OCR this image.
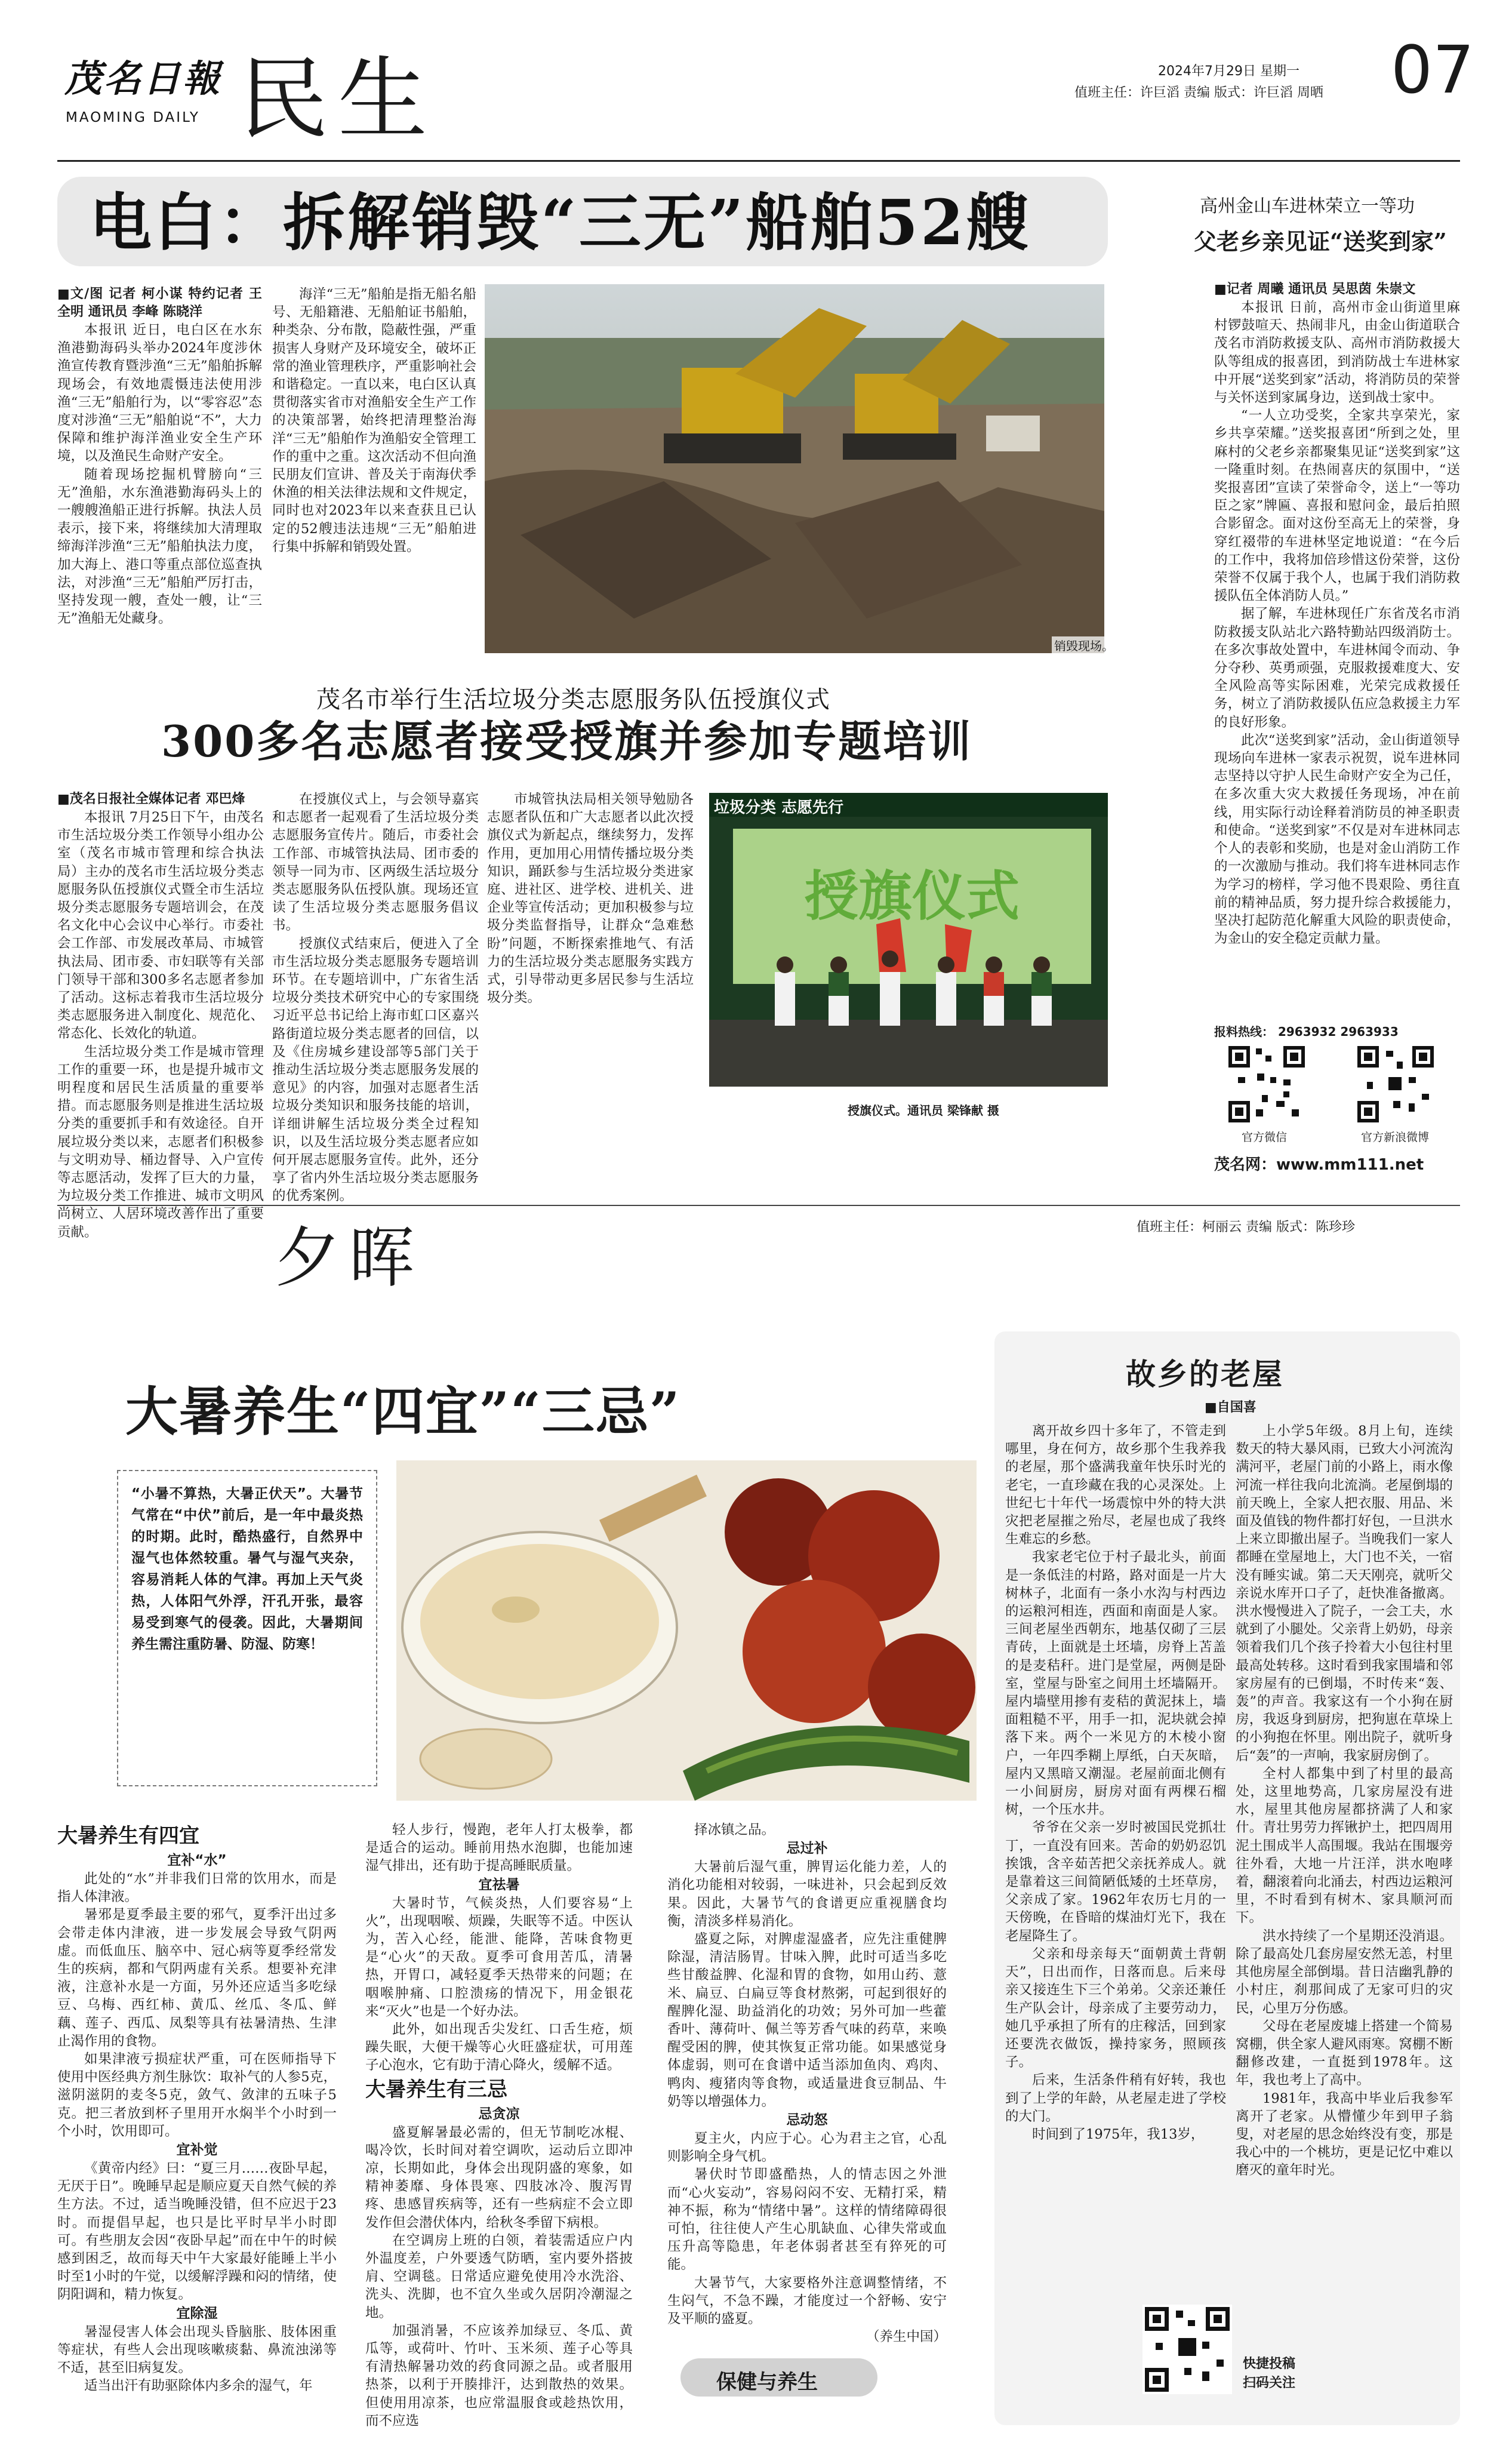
茂名日報
MAOMING DAILY 民生	2024年7月29日 星期一
值班主任：许巨滔 责编 版式：许巨滔 周晒 07
电白：拆解销毁“三无”船舶52艘
■文/图 记者 柯小谋 特约记者 王全明 通讯员 李峰 陈晓洋

本报讯 近日，电白区在水东渔港勤海码头举办2024年度涉休渔宣传教育暨涉渔“三无”船舶拆解现场会，有效地震慑违法使用涉渔“三无”船舶行为，以“零容忍”态度对涉渔“三无”船舶说“不”，大力保障和维护海洋渔业安全生产环境，以及渔民生命财产安全。

随着现场挖掘机臂膀向“三无”渔船，水东渔港勤海码头上的一艘艘渔船正进行拆解。执法人员表示，接下来，将继续加大清理取缔海洋涉渔“三无”船舶执法力度，加大海上、港口等重点部位巡查执法，对涉渔“三无”船舶严厉打击，坚持发现一艘，查处一艘，让“三无”渔船无处藏身。

海洋“三无”船舶是指无船名船号、无船籍港、无船舶证书船舶，种类杂、分布散，隐蔽性强，严重损害人身财产及环境安全，破坏正常的渔业管理秩序，严重影响社会和谐稳定。一直以来，电白区认真贯彻落实省市对渔船安全生产工作的决策部署，始终把清理整治海洋“三无”船舶作为渔船安全管理工作的重中之重。这次活动不但向渔民朋友们宣讲、普及关于南海伏季休渔的相关法律法规和文件规定，同时也对2023年以来查获且已认定的52艘违法违规“三无”船舶进行集中拆解和销毁处置。

销毁现场。
茂名市举行生活垃圾分类志愿服务队伍授旗仪式
300多名志愿者接受授旗并参加专题培训
■茂名日报社全媒体记者 邓巴烽

本报讯 7月25日下午，由茂名市生活垃圾分类工作领导小组办公室（茂名市城市管理和综合执法局）主办的茂名市生活垃圾分类志愿服务队伍授旗仪式暨全市生活垃圾分类志愿服务专题培训会，在茂名文化中心会议中心举行。市委社会工作部、市发展改革局、市城管执法局、团市委、市妇联等有关部门领导干部和300多名志愿者参加了活动。这标志着我市生活垃圾分类志愿服务进入制度化、规范化、常态化、长效化的轨道。

生活垃圾分类工作是城市管理工作的重要一环，也是提升城市文明程度和居民生活质量的重要举措。而志愿服务则是推进生活垃圾分类的重要抓手和有效途径。自开展垃圾分类以来，志愿者们积极参与文明劝导、桶边督导、入户宣传等志愿活动，发挥了巨大的力量，为垃圾分类工作推进、城市文明风尚树立、人居环境改善作出了重要贡献。

在授旗仪式上，与会领导嘉宾和志愿者一起观看了生活垃圾分类志愿服务宣传片。随后，市委社会工作部、市城管执法局、团市委的领导一同为市、区两级生活垃圾分类志愿服务队伍授队旗。现场还宣读了生活垃圾分类志愿服务倡议书。

授旗仪式结束后，便进入了全市生活垃圾分类志愿服务专题培训环节。在专题培训中，广东省生活垃圾分类技术研究中心的专家围绕习近平总书记给上海市虹口区嘉兴路街道垃圾分类志愿者的回信，以及《住房城乡建设部等5部门关于推动生活垃圾分类志愿服务发展的意见》的内容，加强对志愿者生活垃圾分类知识和服务技能的培训，详细讲解生活垃圾分类全过程知识，以及生活垃圾分类志愿者应如何开展志愿服务宣传。此外，还分享了省内外生活垃圾分类志愿服务的优秀案例。

市城管执法局相关领导勉励各志愿者队伍和广大志愿者以此次授旗仪式为新起点，继续努力，发挥作用，更加用心用情传播垃圾分类知识，踊跃参与生活垃圾分类进家庭、进社区、进学校、进机关、进企业等宣传活动；更加积极参与垃圾分类监督指导，让群众“急难愁盼”问题，不断探索推地气、有活力的生活垃圾分类志愿服务实践方式，引导带动更多居民参与生活垃圾分类。

垃圾分类 志愿先行
授旗仪式
授旗仪式。通讯员 梁锋献 摄
高州金山车进林荣立一等功
父老乡亲见证“送奖到家”
■记者 周曦 通讯员 吴思茵 朱崇文

本报讯 日前，高州市金山街道里麻村锣鼓喧天、热闹非凡，由金山街道联合茂名市消防救援支队、高州市消防救援大队等组成的报喜团，到消防战士车进林家中开展“送奖到家”活动，将消防员的荣誉与关怀送到家属身边，送到战士家中。

“一人立功受奖，全家共享荣光，家乡共享荣耀。”送奖报喜团“所到之处，里麻村的父老乡亲都聚集见证“送奖到家”这一隆重时刻。在热闹喜庆的氛围中，“送奖报喜团”宣读了荣誉命令，送上“一等功臣之家”牌匾、喜报和慰问金，最后拍照合影留念。面对这份至高无上的荣誉，身穿红裰带的车进林坚定地说道：“在今后的工作中，我将加倍珍惜这份荣誉，这份荣誉不仅属于我个人，也属于我们消防救援队伍全体消防人员。”

据了解，车进林现任广东省茂名市消防救援支队站北六路特勤站四级消防士。在多次事故处置中，车进林闻令而动、争分夺秒、英勇顽强，克服救援难度大、安全风险高等实际困难，光荣完成救援任务，树立了消防救援队伍应急救援主力军的良好形象。

此次“送奖到家”活动，金山街道领导现场向车进林一家表示祝贺，说车进林同志坚持以守护人民生命财产安全为己任，在多次重大灾大救援任务现场，冲在前线，用实际行动诠释着消防员的神圣职责和使命。“送奖到家”不仅是对车进林同志个人的表彰和奖励，也是对金山消防工作的一次激励与推动。我们将车进林同志作为学习的榜样，学习他不畏艰险、勇往直前的精神品质，努力提升综合救援能力，坚决打起防范化解重大风险的职责使命，为金山的安全稳定贡献力量。

报料热线： 2963932 2963933
官方微信	官方新浪微博
茂名网：www.mm111.net
夕晖	值班主任：柯丽云 责编 版式：陈珍珍
大暑养生“四宜”“三忌”
“小暑不算热，大暑正伏天”。大暑节气常在“中伏”前后，是一年中最炎热的时期。此时，酷热盛行，自然界中湿气也体然较重。暑气与湿气夹杂，容易消耗人体的气津。再加上天气炎热，人体阳气外浮，汗孔开张，最容易受到寒气的侵袭。因此，大暑期间养生需注重防暑、防湿、防寒！

大暑养生有四宜

宜补“水”

此处的“水”并非我们日常的饮用水，而是指人体津液。

暑邪是夏季最主要的邪气，夏季汗出过多会带走体内津液，进一步发展会导致气阴两虚。而低血压、脑卒中、冠心病等夏季经常发生的疾病，都和气阴两虚有关系。想要补充津液，注意补水是一方面，另外还应适当多吃绿豆、乌梅、西红柿、黄瓜、丝瓜、冬瓜、鲜藕、莲子、西瓜、凤梨等具有祛暑清热、生津止渴作用的食物。

如果津液亏损症状严重，可在医师指导下使用中医经典方剂生脉饮：取补气的人参5克，滋阴滋阴的麦冬5克，敛气、敛津的五味子5克。把三者放到杯子里用开水焖半个小时到一个小时，饮用即可。

宜补觉

《黄帝内经》曰：“夏三月……夜卧早起，无厌于日”。晚睡早起是顺应夏天自然气候的养生方法。不过，适当晚睡没错，但不应迟于23时。而提倡早起，也只是比平时早半小时即可。有些朋友会因“夜卧早起”而在中午的时候感到困乏，故而每天中午大家最好能睡上半小时至1小时的午觉，以缓解浮躁和闷的情绪，使阴阳调和，精力恢复。

宜除湿

暑湿侵害人体会出现头昏脑胀、肢体困重等症状，有些人会出现咳嗽痰黏、鼻流浊涕等不适，甚至旧病复发。

适当出汗有助驱除体内多余的湿气，年

轻人步行，慢跑，老年人打太极拳，都是适合的运动。睡前用热水泡脚，也能加速湿气排出，还有助于提高睡眠质量。

宜祛暑

大暑时节，气候炎热，人们要容易“上火”，出现咽喉、烦躁，失眠等不适。中医认为，苦入心经，能泄、能降，苦味食物更是“心火”的天敌。夏季可食用苦瓜，清暑热，开胃口，减轻夏季天热带来的问题；在咽喉肿痛、口腔溃疡的情况下，用金银花来“灭火”也是一个好办法。

此外，如出现舌尖发红、口舌生疮，烦躁失眠，大便干燥等心火旺盛症状，可用莲子心泡水，它有助于清心降火，缓解不适。

大暑养生有三忌

忌贪凉

盛夏解暑最必需的，但无节制吃冰棍、喝冷饮，长时间对着空调吹，运动后立即冲凉，长期如此，身体会出现阴盛的寒象，如精神萎靡、身体畏寒、四肢冰冷、腹泻胃疼、患感冒疾病等，还有一些病症不会立即发作但会潜伏体内，给秋冬季留下病根。

在空调房上班的白领，着装需适应户内外温度差，户外要透气防晒，室内要外搭披肩、空调毯。日常适应避免使用冷水洗浴、洗头、洗脚，也不宜久坐或久居阴冷潮湿之地。

加强消暑，不应该养加绿豆、冬瓜、黄瓜等，或荷叶、竹叶、玉米须、莲子心等具有清热解暑功效的药食同源之品。或者服用热茶，以利于开腠排汗，达到散热的效果。但使用用凉茶，也应常温服食或趁热饮用，而不应选

择冰镇之品。

忌过补

大暑前后湿气重，脾胃运化能力差，人的消化功能相对较弱，一味进补，只会起到反效果。因此，大暑节气的食谱更应重视膳食均衡，清淡多样易消化。

盛夏之际，对脾虚湿盛者，应先注重健脾除湿，清洁肠胃。甘味入脾，此时可适当多吃些甘酸益脾、化湿和胃的食物，如用山药、薏米、扁豆、白扁豆等食材熬粥，可起到很好的醒脾化湿、助益消化的功效；另外可加一些藿香叶、薄荷叶、佩兰等芳香气味的药草，来唤醒受困的脾，使其恢复正常功能。如果感觉身体虚弱，则可在食谱中适当添加鱼肉、鸡肉、鸭肉、瘦猪肉等食物，或适量进食豆制品、牛奶等以增强体力。

忌动怒

夏主火，内应于心。心为君主之官，心乱则影响全身气机。

暑伏时节即盛酷热，人的情志因之外泄而“心火妄动”，容易闷闷不安、无精打采，精神不振，称为“情绪中暑”。这样的情绪障碍很可怕，往往使人产生心肌缺血、心律失常或血压升高等隐患，年老体弱者甚至有猝死的可能。

大暑节气，大家要格外注意调整情绪，不生闷气，不急不躁，才能度过一个舒畅、安宁及平顺的盛夏。

（养生中国）

保健与养生
故乡的老屋
■自国喜

离开故乡四十多年了，不管走到哪里，身在何方，故乡那个生我养我的老屋，那个盛满我童年快乐时光的老宅，一直珍藏在我的心灵深处。上世纪七十年代一场震惊中外的特大洪灾把老屋摧之殆尽，老屋也成了我终生难忘的乡愁。

我家老宅位于村子最北头，前面是一条低洼的村路，路对面是一片大树林子，北面有一条小水沟与村西边的运粮河相连，西面和南面是人家。三间老屋坐西朝东，地基仅砌了三层青砖，上面就是土坯墙，房脊上苫盖的是麦秸秆。进门是堂屋，两侧是卧室，堂屋与卧室之间用土坯墙隔开。屋内墙壁用掺有麦秸的黄泥抹上，墙面粗糙不平，用手一扣，泥块就会掉落下来。两个一米见方的木棱小窗户，一年四季糊上厚纸，白天灰暗，屋内又黑暗又潮湿。老屋前面北侧有一小间厨房，厨房对面有两棵石榴树，一个压水井。

爷爷在父亲一岁时被国民党抓壮丁，一直没有回来。苦命的奶奶忍饥挨饿，含辛茹苦把父亲抚养成人。就是靠着这三间简陋低矮的土坯草房，父亲成了家。1962年农历七月的一天傍晚，在昏暗的煤油灯光下，我在老屋降生了。

父亲和母亲每天“面朝黄土背朝天”，日出而作，日落而息。后来母亲又接连生下三个弟弟。父亲还兼任生产队会计，母亲成了主要劳动力，她几乎承担了所有的庄稼活，回到家还要洗衣做饭，操持家务，照顾孩子。

后来，生活条件稍有好转，我也到了上学的年龄，从老屋走进了学校的大门。

时间到了1975年，我13岁，

上小学5年级。8月上旬，连续数天的特大暴风雨，已致大小河流沟满河平，老屋门前的小路上，雨水像河流一样往我向北流淌。老屋倒塌的前天晚上，全家人把衣服、用品、米面及值钱的物件都打好包，一旦洪水上来立即撤出屋子。当晚我们一家人都睡在堂屋地上，大门也不关，一宿没有睡实诚。第二天天刚亮，就听父亲说水库开口子了，赶快准备撤离。洪水慢慢进入了院子，一会工夫，水就到了小腿处。父亲背上奶奶，母亲领着我们几个孩子拎着大小包往村里最高处转移。这时看到我家围墙和邻家房屋有的已倒塌，不时传来“轰、轰”的声音。我家这有一个小狗在厨房，我返身到厨房，把狗崽在草垛上的小狗抱在怀里。刚出院子，就听身后“轰”的一声响，我家厨房倒了。

全村人都集中到了村里的最高处，这里地势高，几家房屋没有进水，屋里其他房屋都挤满了人和家什。青壮男劳力挥锹护土，把四周用泥土围成半人高围堰。我站在围堰旁往外看，大地一片汪洋，洪水咆哮着，翻滚着向北涌去，村西边运粮河里，不时看到有树木、家具顺河而下。

洪水持续了一个星期还没消退。除了最高处几套房屋安然无恙，村里其他房屋全部倒塌。昔日洁幽乳静的小村庄，刹那间成了无家可归的灾民，心里万分伤感。

父母在老屋废墟上搭建一个简易窝棚，供全家人避风雨寒。窝棚不断翻修改建，一直挺到1978年。这年，我也考上了高中。

1981年，我高中毕业后我参军离开了老家。从懵懂少年到甲子翁叟，对老屋的思念始终没有变，那是我心中的一个桃坊，更是记忆中难以磨灭的童年时光。

快捷投稿
扫码关注
